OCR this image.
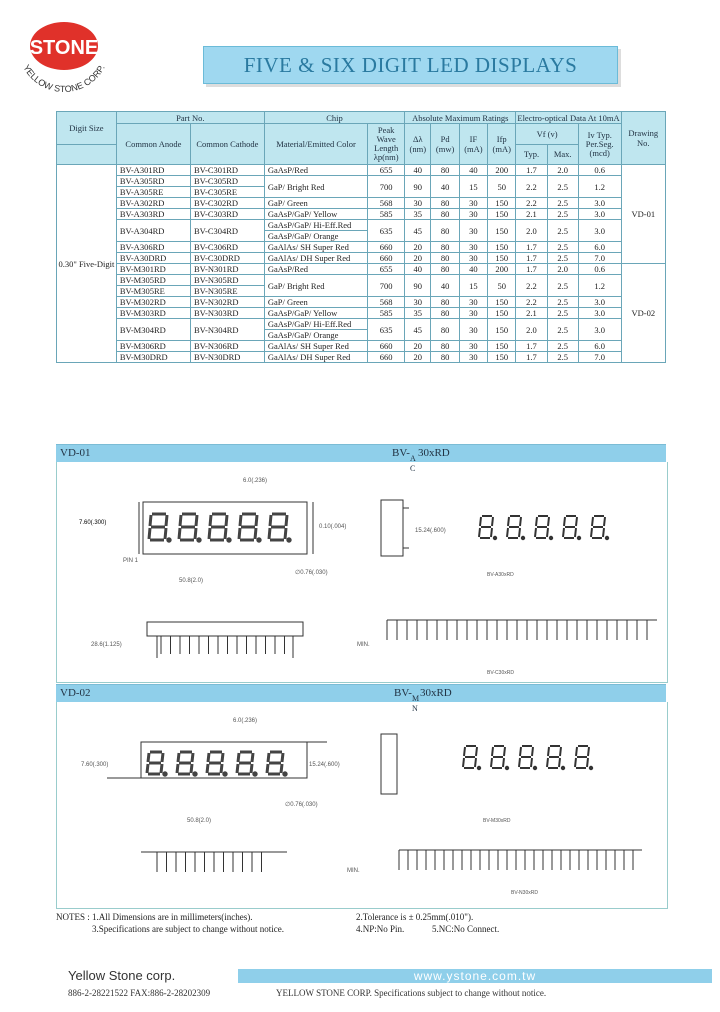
STONE
YELLOW STONE CORP.	FIVE & SIX DIGIT LED DISPLAYS
Digit Size	Part No.		Chip		Absolute Maximum Ratings				Electro-optical Data At 10mA			Drawing No.
	Common Anode	Common Cathode	Material/Emitted Color	Peak Wave Length λp(nm)	Δλ (nm)	Pd (mw)	IF (mA)	Ifp (mA)	Vf (v)		Iv Typ. Per.Seg. (mcd)	
									Typ.	Max.		
0.30" Five-Digit	BV-A301RD	BV-C301RD	GaAsP/Red	655	40	80	40	200	1.7	2.0	0.6	VD-01
	BV-A305RD	BV-C305RD	GaP/ Bright Red	700	90	40	15	50	2.2	2.5	1.2	
	BV-A305RE	BV-C305RE										
	BV-A302RD	BV-C302RD	GaP/ Green	568	30	80	30	150	2.2	2.5	3.0	
	BV-A303RD	BV-C303RD	GaAsP/GaP/ Yellow	585	35	80	30	150	2.1	2.5	3.0	
	BV-A304RD	BV-C304RD	GaAsP/GaP/ Hi-Eff.Red
GaAsP/GaP/ Orange	635	45	80	30	150	2.0	2.5	3.0	
	BV-A306RD	BV-C306RD	GaAlAs/ SH Super Red	660	20	80	30	150	1.7	2.5	6.0	
	BV-A30DRD	BV-C30DRD	GaAlAs/ DH Super Red	660	20	80	30	150	1.7	2.5	7.0	
	BV-M301RD	BV-N301RD	GaAsP/Red	655	40	80	40	200	1.7	2.0	0.6	VD-02
	BV-M305RD	BV-N305RD	GaP/ Bright Red	700	90	40	15	50	2.2	2.5	1.2	
	BV-M305RE	BV-N305RE										
	BV-M302RD	BV-N302RD	GaP/ Green	568	30	80	30	150	2.2	2.5	3.0	
	BV-M303RD	BV-N303RD	GaAsP/GaP/ Yellow	585	35	80	30	150	2.1	2.5	3.0	
	BV-M304RD	BV-N304RD	GaAsP/GaP/ Hi-Eff.Red
GaAsP/GaP/ Orange	635	45	80	30	150	2.0	2.5	3.0	
	BV-M306RD	BV-N306RD	GaAlAs/ SH Super Red	660	20	80	30	150	1.7	2.5	6.0	
	BV-M30DRD	BV-N30DRD	GaAlAs/ DH Super Red	660	20	80	30	150	1.7	2.5	7.0	
VD-01	BV- A
C
30xRD
7.60(.300)
6.0(.236)
0.10(.004)
50.8(2.0)
PIN 1
∅0.76(.030)
15.24(.600)
28.6(1.125)	MIN.
BV-A30xRD
BV-C30xRD
VD-02	BV- M
N
30xRD
7.60(.300)
6.0(.236)
15.24(.600)
∅0.76(.030)
50.8(2.0)
MIN.
BV-M30xRD
BV-N30xRD
NOTES : 1.All Dimensions are in millimeters(inches).	2.Tolerance is ± 0.25mm(.010").
3.Specifications are subject to change without notice.	4.NP:No Pin.	5.NC:No Connect.
Yellow Stone corp.	www.ystone.com.tw
886-2-28221522 FAX:886-2-28202309	YELLOW STONE CORP. Specifications subject to change without notice.
